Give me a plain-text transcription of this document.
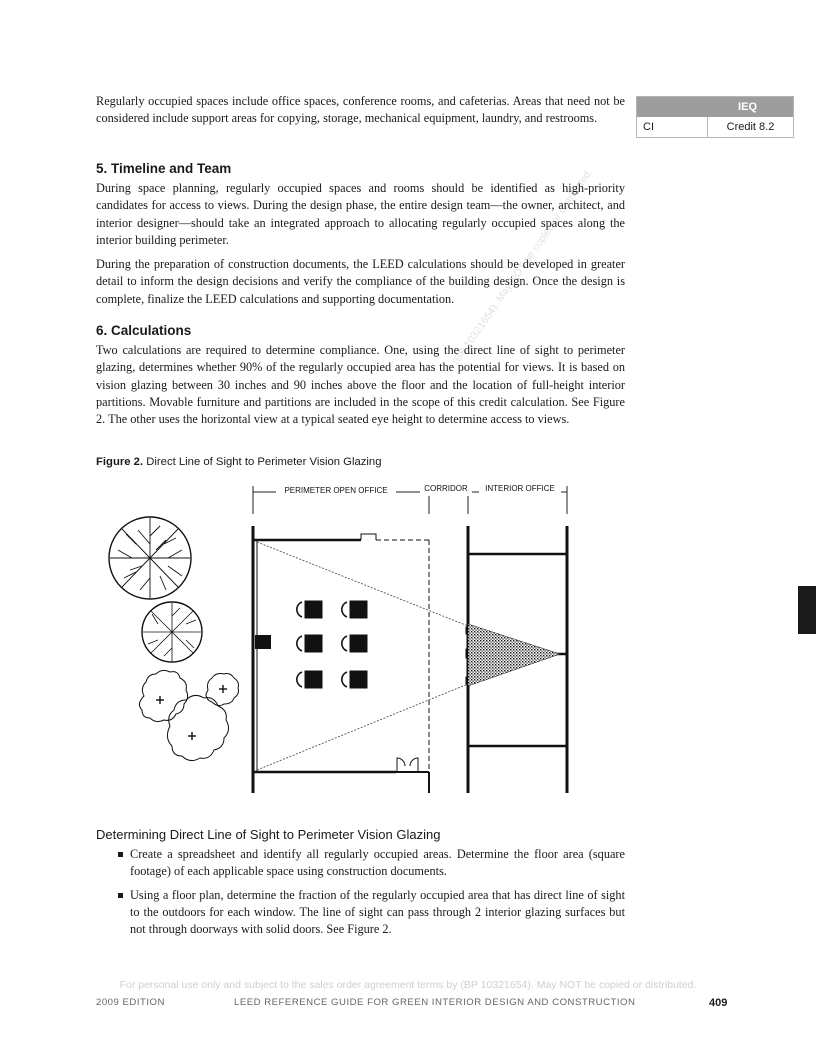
(BP 10321654). May NOT be copied or distributed.

Regularly occupied spaces include office spaces, conference rooms, and cafeterias. Areas that need not be considered include support areas for copying, storage, mechanical equipment, laundry, and restrooms.

IEQ
CI	Credit 8.2
5. Timeline and Team

During space planning, regularly occupied spaces and rooms should be identified as high-priority candidates for access to views. During the design phase, the entire design team—the owner, architect, and interior designer—should take an integrated approach to allocating regularly occupied spaces along the interior building perimeter.

During the preparation of construction documents, the LEED calculations should be developed in greater detail to inform the design decisions and verify the compliance of the building design. Once the design is complete, finalize the LEED calculations and supporting documentation.

6. Calculations

Two calculations are required to determine compliance. One, using the direct line of sight to perimeter glazing, determines whether 90% of the regularly occupied area has the potential for views. It is based on vision glazing between 30 inches and 90 inches above the floor and the location of full-height interior partitions. Movable furniture and partitions are included in the scope of this credit calculation. See Figure 2. The other uses the horizontal view at a typical seated eye height to determine access to views.

Figure 2. Direct Line of Sight to Perimeter Vision Glazing
PERIMETER OPEN OFFICE	CORRIDOR INTERIOR OFFICE
Determining Direct Line of Sight to Perimeter Vision Glazing
Create a spreadsheet and identify all regularly occupied areas. Determine the floor area (square footage) of each applicable space using construction documents.
Using a floor plan, determine the fraction of the regularly occupied area that has direct line of sight to the outdoors for each window. The line of sight can pass through 2 interior glazing surfaces but not through doorways with solid doors. See Figure 2.
For personal use only and subject to the sales order agreement terms by (BP 10321654). May NOT be copied or distributed.
2009 EDITION	LEED REFERENCE GUIDE FOR GREEN INTERIOR DESIGN AND CONSTRUCTION	409
